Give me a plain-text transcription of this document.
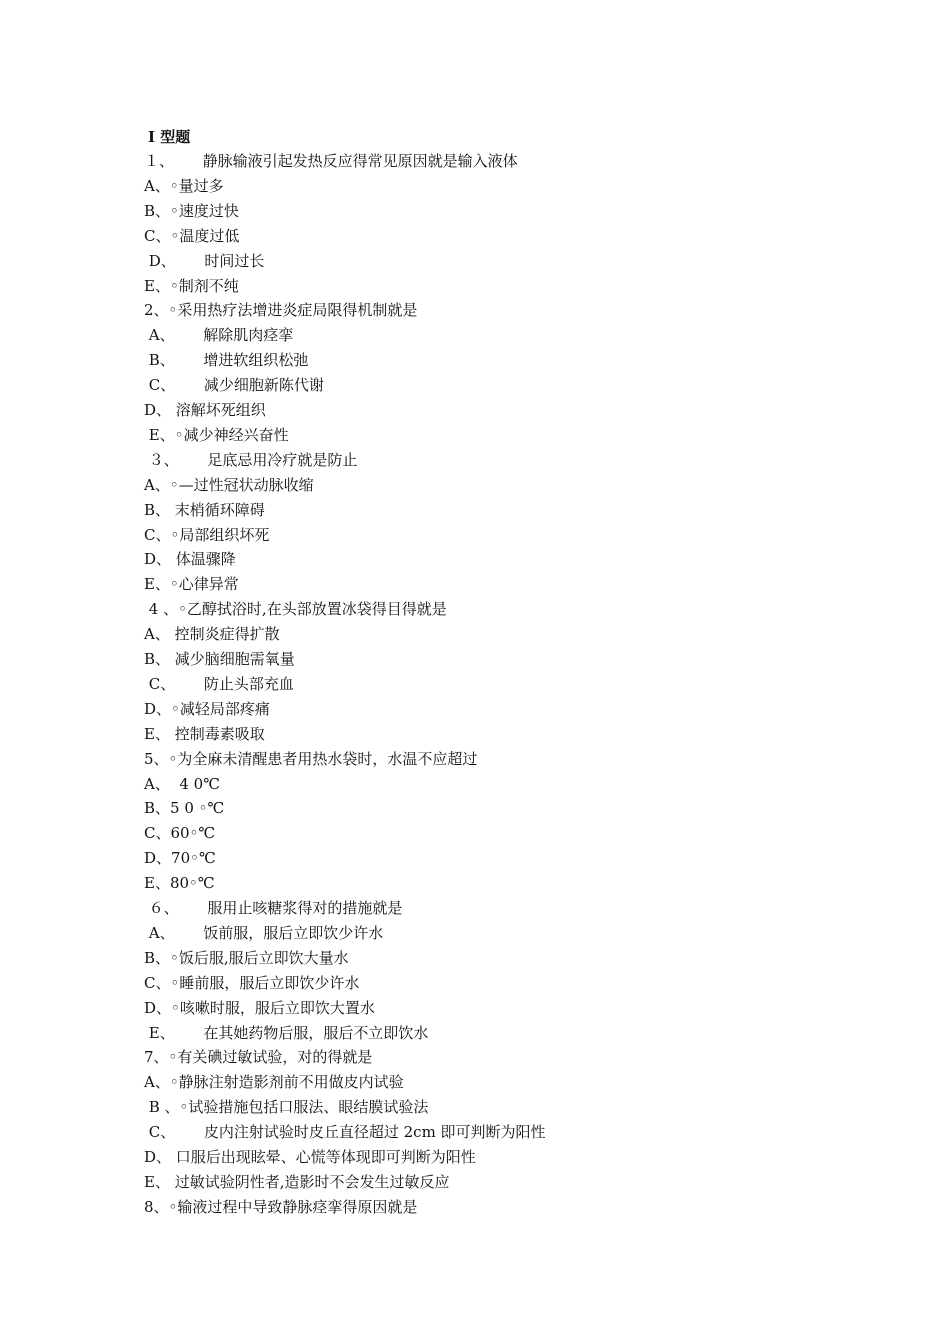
Ⅰ 型题
１、      静脉输液引起发热反应得常见原因就是输入液体
A、◦量过多
B、◦速度过快
C、◦温度过低
D、      时间过长
E、◦制剂不纯
2、◦采用热疗法增进炎症局限得机制就是
A、      解除肌肉痉挛
B、      增进软组织松弛
C、      减少细胞新陈代谢
D、 溶解坏死组织
E、◦减少神经兴奋性
３、      足底忌用冷疗就是防止
A、◦—过性冠状动脉收缩
B、 末梢循环障碍
C、◦局部组织坏死
D、 体温骤降
E、◦心律异常
4 、◦乙醇拭浴时,在头部放置冰袋得目得就是
A、 控制炎症得扩散
B、 减少脑细胞需氧量
C、      防止头部充血
D、◦减轻局部疼痛
E、 控制毒素吸取
5、◦为全麻未清醒患者用热水袋时，水温不应超过
A、  4 0℃
B、5 0 ◦℃
C、60◦℃
D、70◦℃
E、80◦℃
６、      服用止咳糖浆得对的措施就是
A、      饭前服，服后立即饮少许水
B、◦饭后服,服后立即饮大量水
C、◦睡前服，服后立即饮少许水
D、◦咳嗽时服，服后立即饮大置水
E、      在其她药物后服，服后不立即饮水
7、◦有关碘过敏试验，对的得就是
A、◦静脉注射造影剂前不用做皮内试验
B 、◦试验措施包括口服法、眼结膜试验法
C、      皮内注射试验时皮丘直径超过 2cm 即可判断为阳性
D、 口服后出现眩晕、心慌等体现即可判断为阳性
E、 过敏试验阴性者,造影时不会发生过敏反应
8、◦输液过程中导致静脉痉挛得原因就是
